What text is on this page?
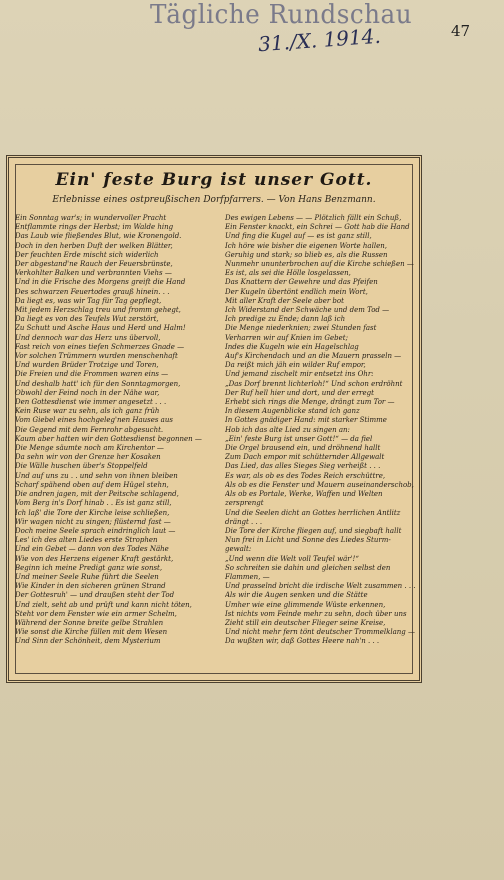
Tägliche Rundschau
31./X. 1914.	47
Ein' feste Burg ist unser Gott.
Erlebnisse eines ostpreußischen Dorfpfarrers. — Von Hans Benzmann.
Ein Sonntag war's; in wundervoller Pracht
Entflammte rings der Herbst; im Walde hing
Das Laub wie fließendes Blut, wie Kronengold.
Doch in den herben Duft der welken Blätter,
Der feuchten Erde mischt sich widerlich
Der abgestand'ne Rauch der Feuersbrünste,
Verkohlter Balken und verbrannten Viehs —
Und in die Frische des Morgens greift die Hand
Des schwarzen Feuertodes grauß hinein. . .
Da liegt es, was wir Tag für Tag gepflegt,
Mit jedem Herzschlag treu und fromm gehegt,
Da liegt es von des Teufels Wut zerstört,
Zu Schutt und Asche Haus und Herd und Halm!
Und dennoch war das Herz uns übervoll,
Fast reich von eines tiefen Schmerzes Gnade —
Vor solchen Trümmern wurden menschenhaft
Und wurden Brüder Trotzige und Toren,
Die Freien und die Frommen waren eins —
Und deshalb hatt' ich für den Sonntagmorgen,
Obwohl der Feind noch in der Nähe war,
Den Gottesdienst wie immer angesetzt . . .
Kein Ruse war zu sehn, als ich ganz früh
Vom Giebel eines hochgeleg'nen Hauses aus
Die Gegend mit dem Fernrohr abgesucht.
Kaum aber hatten wir den Gottesdienst begonnen —
Die Menge säumte noch am Kirchentor —
Da sehn wir von der Grenze her Kosaken
Die Wälle huschen über's Stoppelfeld
Und auf uns zu . . und sehn von ihnen bleiben
Scharf spähend oben auf dem Hügel stehn,
Die andren jagen, mit der Peitsche schlagend,
Vom Berg in's Dorf hinab . . Es ist ganz still,
Ich laß' die Tore der Kirche leise schließen,
Wir wagen nicht zu singen; flüsternd fast —
Doch meine Seele sprach eindringlich laut —
Les' ich des alten Liedes erste Strophen
Und ein Gebet — dann von des Todes Nähe
Wie von des Herzens eigener Kraft gestärkt,
Beginn ich meine Predigt ganz wie sonst,
Und meiner Seele Ruhe führt die Seelen
Wie Kinder in den sicheren grünen Strand
Der Gottesruh' — und draußen steht der Tod
Und zielt, seht ab und prüft und kann nicht töten,
Steht vor dem Fenster wie ein armer Schelm,
Während der Sonne breite gelbe Strahlen
Wie sonst die Kirche füllen mit dem Wesen
Und Sinn der Schönheit, dem Mysterium
Des ewigen Lebens — — Plötzlich fällt ein Schuß,
Ein Fenster knackt, ein Schrei — Gott hab die Hand
Und fing die Kugel auf — es ist ganz still,
Ich höre wie bisher die eigenen Worte hallen,
Geruhig und stark; so blieb es, als die Russen
Nunmehr ununterbrochen auf die Kirche schießen —
Es ist, als sei die Hölle losgelassen,
Das Knattern der Gewehre und das Pfeifen
Der Kugeln übertönt endlich mein Wort,
Mit aller Kraft der Seele aber bot
Ich Widerstand der Schwäche und dem Tod —
Ich predige zu Ende; dann laß ich
Die Menge niederknien; zwei Stunden fast
Verharren wir auf Knien im Gebet;
Indes die Kugeln wie ein Hagelschlag
Auf's Kirchendach und an die Mauern prasseln —
Da reißt mich jäh ein wilder Ruf empor,
Und jemand zischelt mir entsetzt ins Ohr:
„Das Dorf brennt lichterloh!“ Und schon erdröhnt
Der Ruf hell hier und dort, und der erregt
Erhebt sich rings die Menge, drängt zum Tor —
In diesem Augenblicke stand ich ganz
In Gottes gnädiger Hand: mit starker Stimme
Hob ich das alte Lied zu singen an:
„Ein' feste Burg ist unser Gott!“ — da fiel
Die Orgel brausend ein, und dröhnend hallt
Zum Dach empor mit schütternder Allgewalt
Das Lied, das alles Sieges Sieg verheißt . . .
Es war, als ob es des Todes Reich erschüttre,
Als ob es die Fenster und Mauern auseinanderschob,
Als ob es Portale, Werke, Waffen und Welten
zersprengt
Und die Seelen dicht an Gottes herrlichen Antlitz
drängt . . .
Die Tore der Kirche fliegen auf, und siegbaft hallt
Nun frei in Licht und Sonne des Liedes Sturm-
gewalt:
„Und wenn die Welt voll Teufel wär'!“
So schreiten sie dahin und gleichen selbst den
Flammen, —
Und prasselnd bricht die irdische Welt zusammen . . .
Als wir die Augen senken und die Stätte
Umher wie eine glimmende Wüste erkennen,
Ist nichts vom Feinde mehr zu sehn, doch über uns
Zieht still ein deutscher Flieger seine Kreise,
Und nicht mehr fern tönt deutscher Trommelklang —
Da wußten wir, daß Gottes Heere nah'n . . .
